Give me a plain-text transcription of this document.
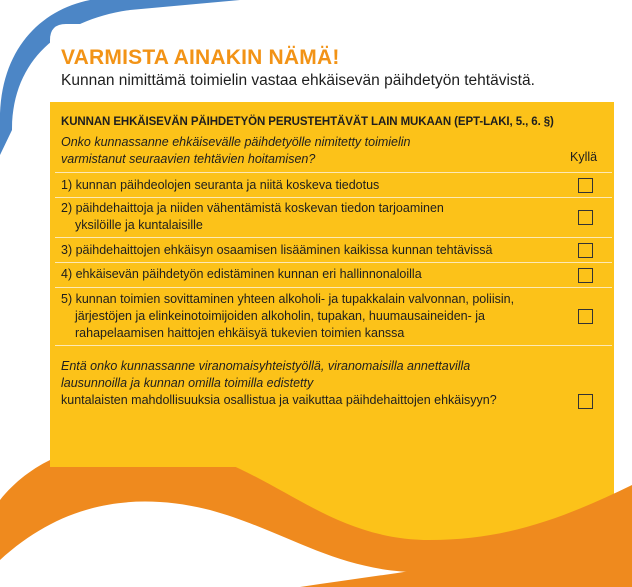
VARMISTA AINAKIN NÄMÄ!

Kunnan nimittämä toimielin vastaa ehkäisevän päihdetyön tehtävistä.

KUNNAN EHKÄISEVÄN PÄIHDETYÖN PERUSTEHTÄVÄT LAIN MUKAAN (EPT-LAKI, 5., 6. §)
Onko kunnassanne ehkäisevälle päihdetyölle nimitetty toimielin
varmistanut seuraavien tehtävien hoitamisen?	Kyllä
1) kunnan päihdeolojen seuranta ja niitä koskeva tiedotus
2) päihdehaittoja ja niiden vähentämistä koskevan tiedon tarjoaminen
yksilöille ja kuntalaisille
3) päihdehaittojen ehkäisyn osaamisen lisääminen kaikissa kunnan tehtävissä
4) ehkäisevän päihdetyön edistäminen kunnan eri hallinnonaloilla
5) kunnan toimien sovittaminen yhteen alkoholi- ja tupakkalain valvonnan, poliisin,
järjestöjen ja elinkeinotoimijoiden alkoholin, tupakan, huumausaineiden- ja
rahapelaamisen haittojen ehkäisyä tukevien toimien kanssa
Entä onko kunnassanne viranomaisyhteistyöllä, viranomaisilla annettavilla
lausunnoilla ja kunnan omilla toimilla edistetty
kuntalaisten mahdollisuuksia osallistua ja vaikuttaa päihdehaittojen ehkäisyyn?
